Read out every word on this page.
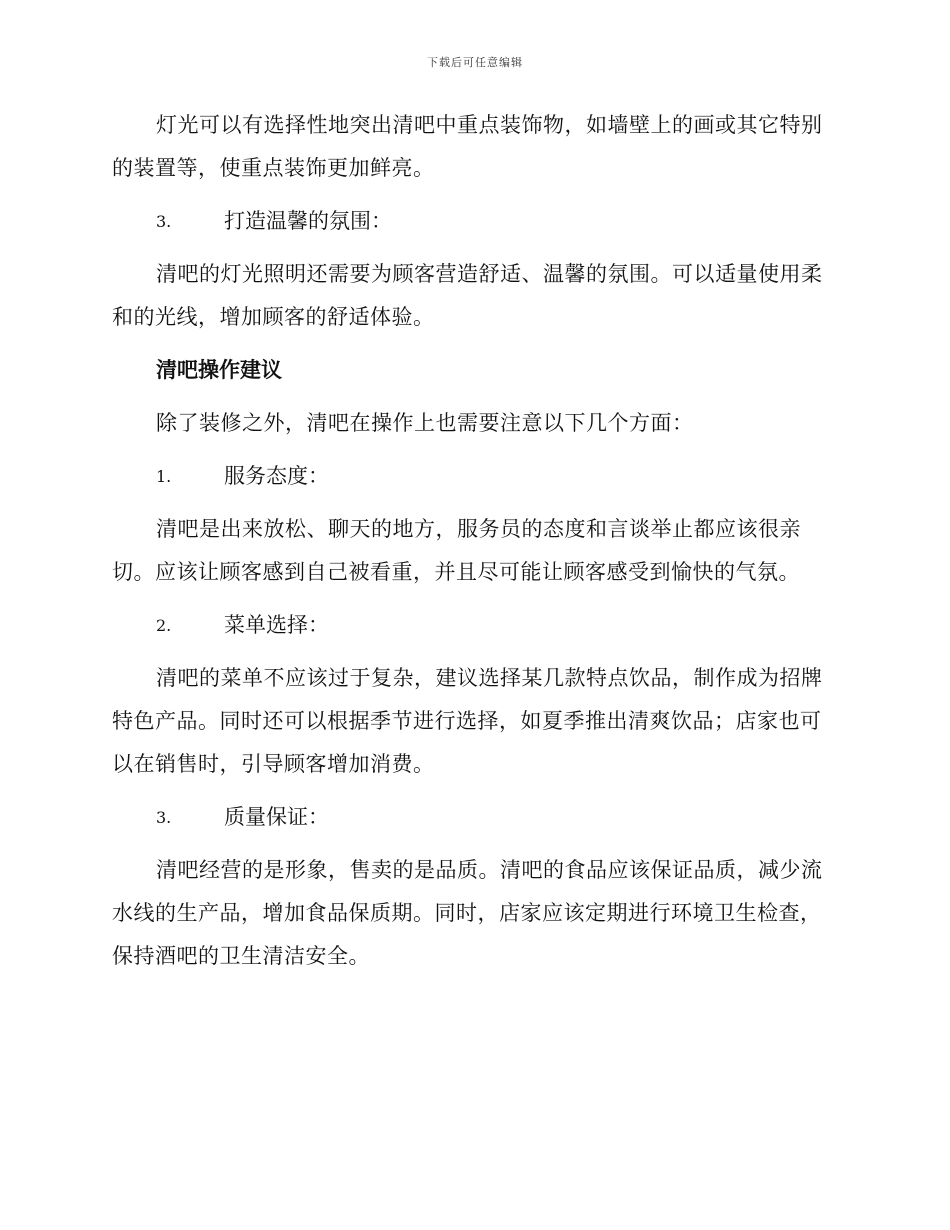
下载后可任意编辑

灯光可以有选择性地突出清吧中重点装饰物，如墙壁上的画或其它特别的装置等，使重点装饰更加鲜亮。

3.	打造温馨的氛围：

清吧的灯光照明还需要为顾客营造舒适、温馨的氛围。可以适量使用柔和的光线，增加顾客的舒适体验。

清吧操作建议

除了装修之外，清吧在操作上也需要注意以下几个方面：

1.	服务态度：

清吧是出来放松、聊天的地方，服务员的态度和言谈举止都应该很亲切。应该让顾客感到自己被看重，并且尽可能让顾客感受到愉快的气氛。

2.	菜单选择：

清吧的菜单不应该过于复杂，建议选择某几款特点饮品，制作成为招牌特色产品。同时还可以根据季节进行选择，如夏季推出清爽饮品；店家也可以在销售时，引导顾客增加消费。

3.	质量保证：

清吧经营的是形象，售卖的是品质。清吧的食品应该保证品质，减少流水线的生产品，增加食品保质期。同时，店家应该定期进行环境卫生检查，保持酒吧的卫生清洁安全。
